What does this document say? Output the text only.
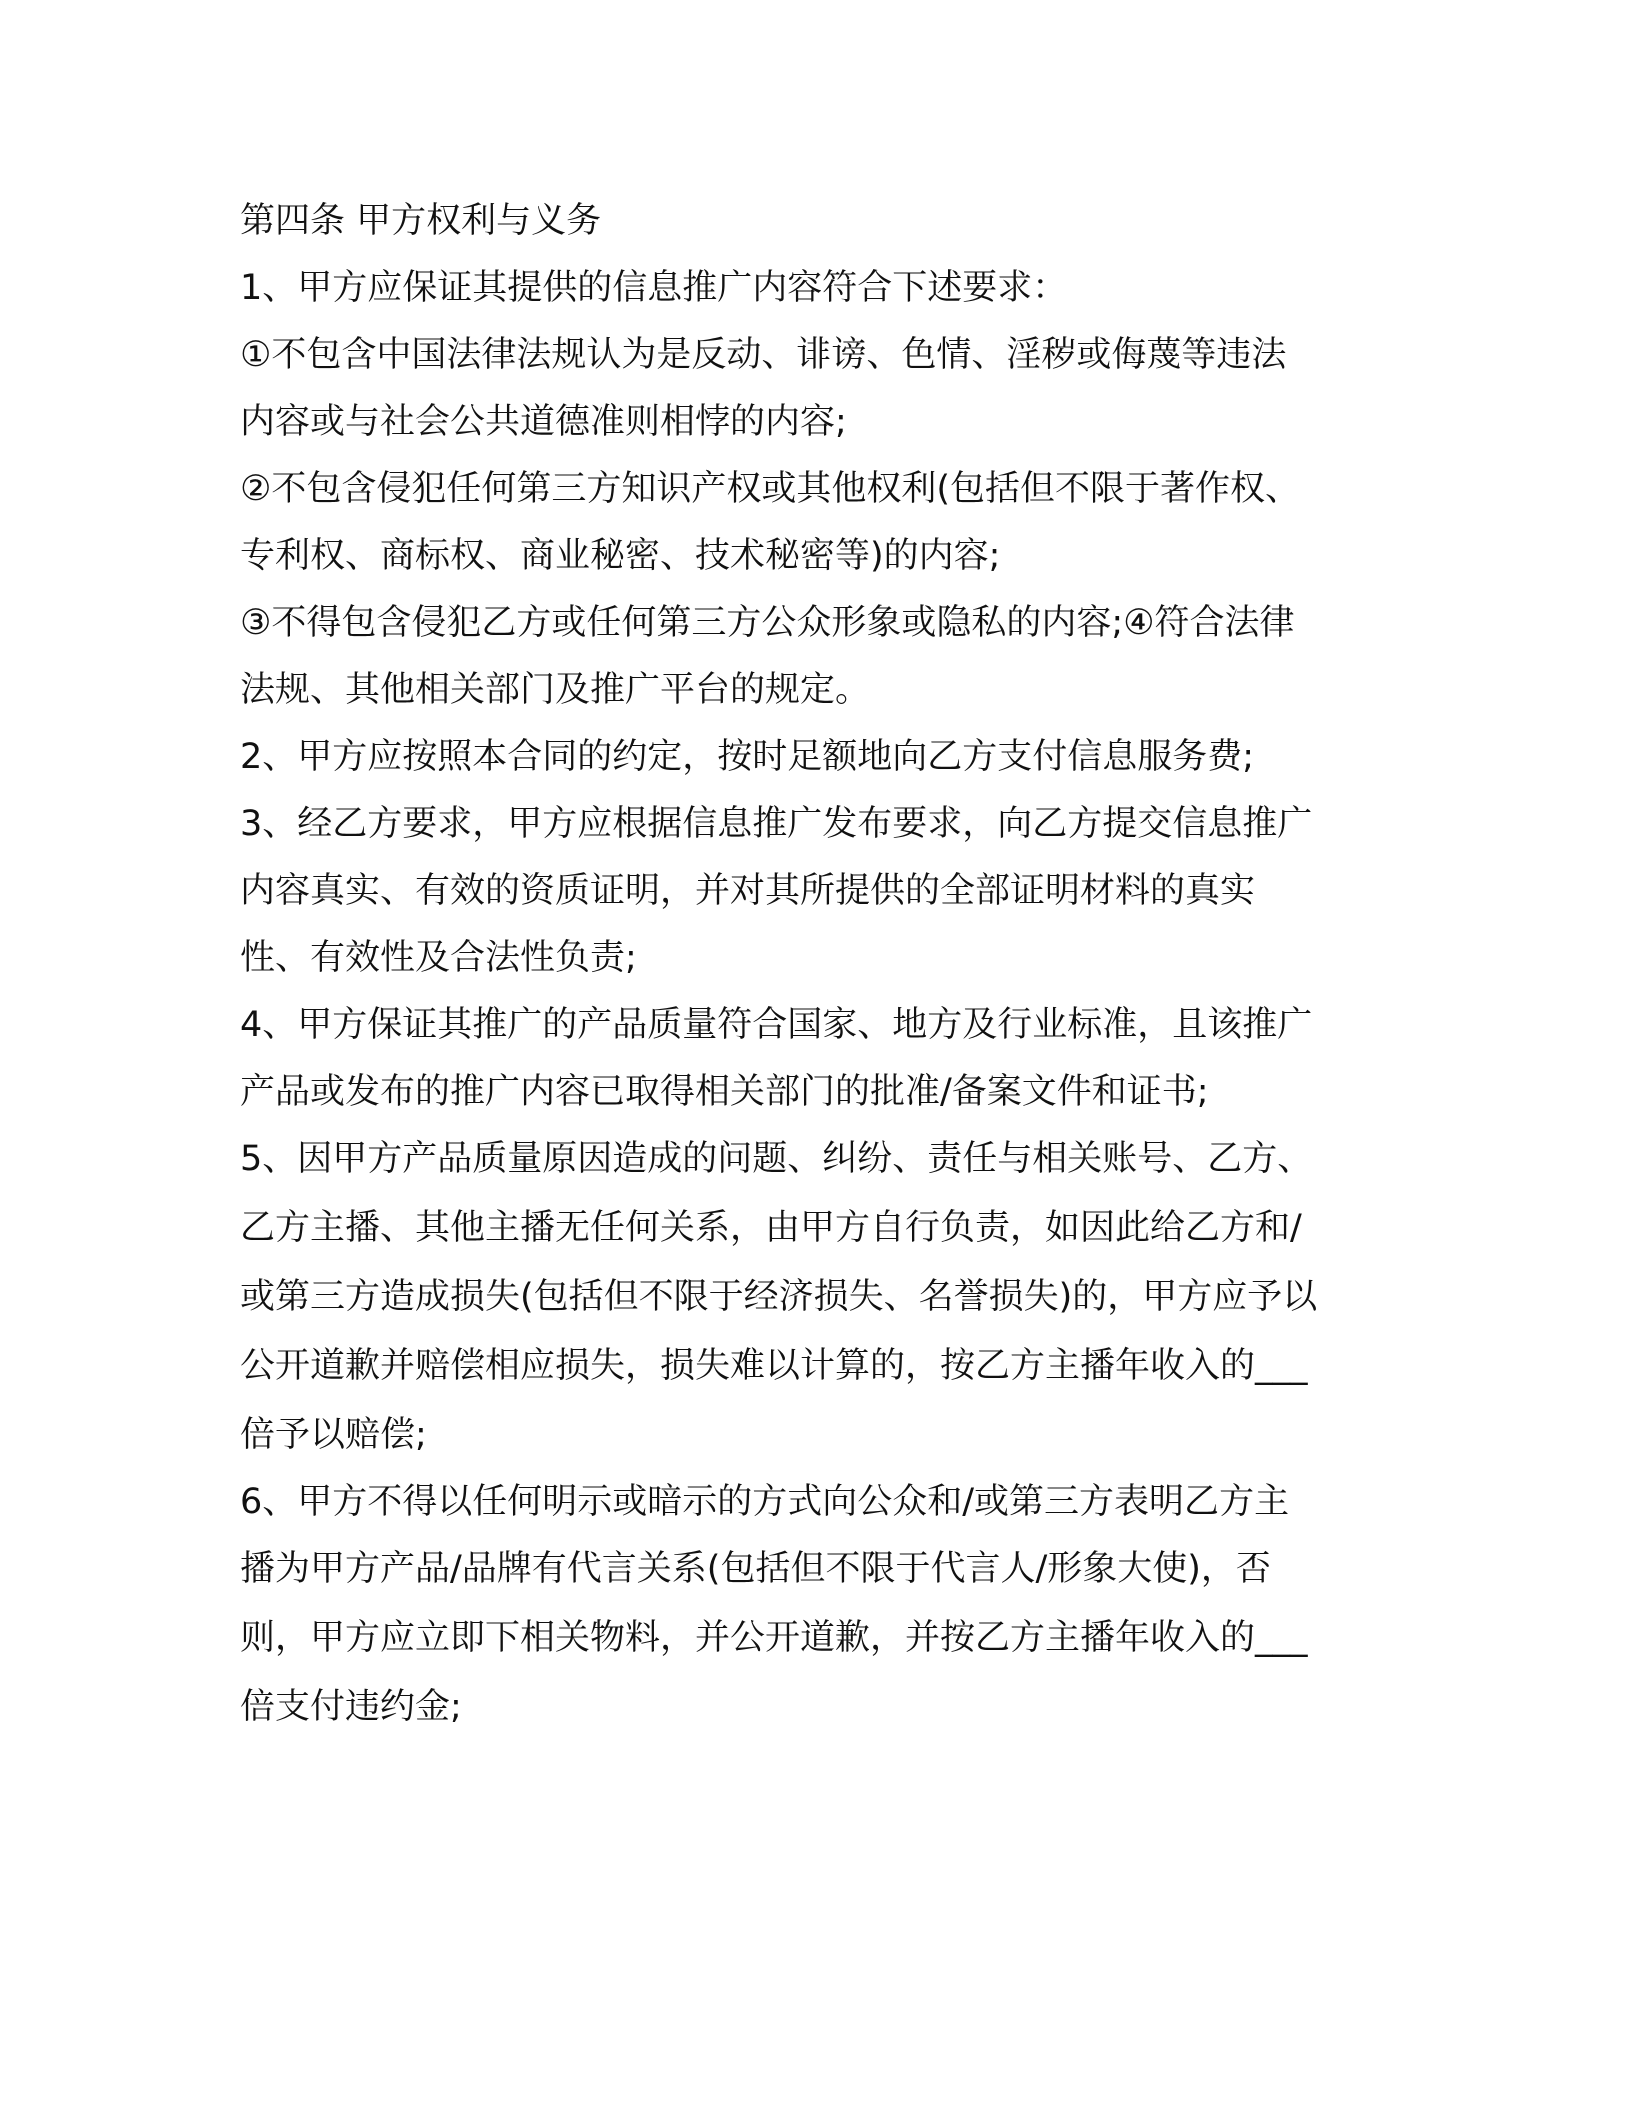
第四条 甲方权利与义务
1、甲方应保证其提供的信息推广内容符合下述要求：
①不包含中国法律法规认为是反动、诽谤、色情、淫秽或侮蔑等违法
内容或与社会公共道德准则相悖的内容;
②不包含侵犯任何第三方知识产权或其他权利(包括但不限于著作权、
专利权、商标权、商业秘密、技术秘密等)的内容;
③不得包含侵犯乙方或任何第三方公众形象或隐私的内容;④符合法律
法规、其他相关部门及推广平台的规定。
2、甲方应按照本合同的约定，按时足额地向乙方支付信息服务费;
3、经乙方要求，甲方应根据信息推广发布要求，向乙方提交信息推广
内容真实、有效的资质证明，并对其所提供的全部证明材料的真实
性、有效性及合法性负责;
4、甲方保证其推广的产品质量符合国家、地方及行业标准，且该推广
产品或发布的推广内容已取得相关部门的批准/备案文件和证书;
5、因甲方产品质量原因造成的问题、纠纷、责任与相关账号、乙方、
乙方主播、其他主播无任何关系，由甲方自行负责，如因此给乙方和/
或第三方造成损失(包括但不限于经济损失、名誉损失)的，甲方应予以
公开道歉并赔偿相应损失，损失难以计算的，按乙方主播年收入的___
倍予以赔偿;
6、甲方不得以任何明示或暗示的方式向公众和/或第三方表明乙方主
播为甲方产品/品牌有代言关系(包括但不限于代言人/形象大使)，否
则，甲方应立即下相关物料，并公开道歉，并按乙方主播年收入的___
倍支付违约金;
